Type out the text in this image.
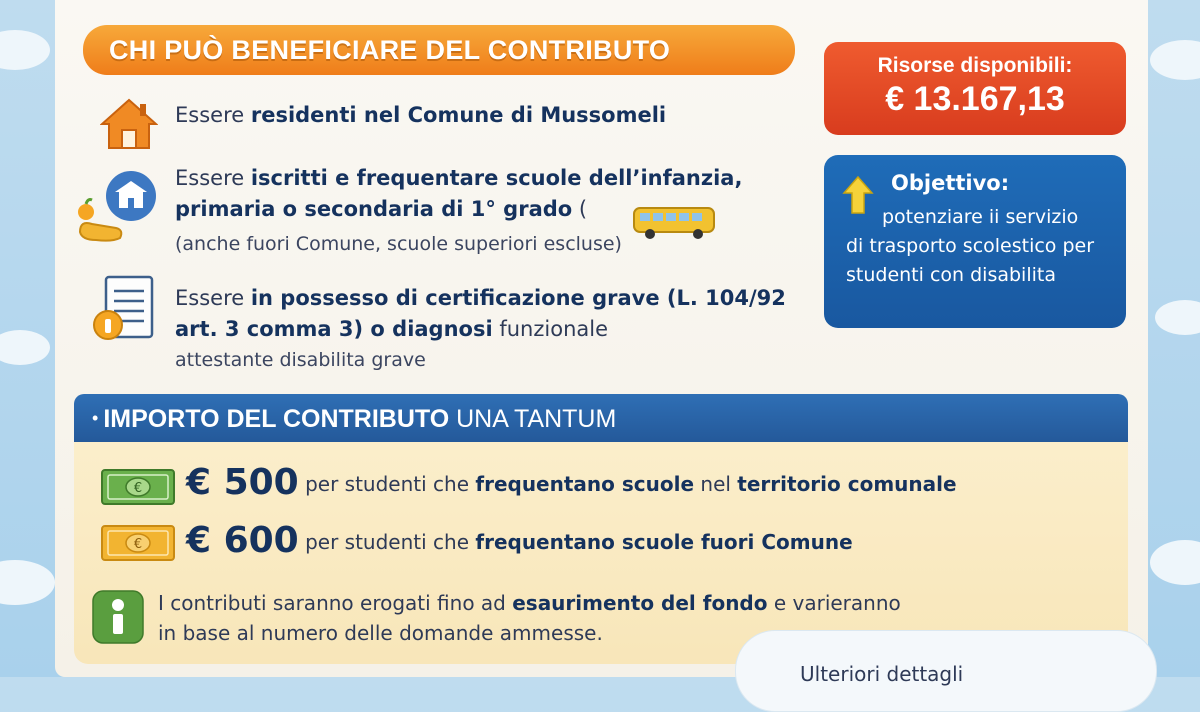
CHI PUÒ BENEFICIARE DEL CONTRIBUTO
Essere residenti nel Comune di Mussomeli
Essere iscritti e frequentare scuole dell’infanzia, primaria o secondaria di 1° grado (
(anche fuori Comune, scuole superiori escluse)
Essere in possesso di certificazione grave (L. 104/92 art. 3 comma 3) o diagnosi funzionale
attestante disabilita grave
Risorse disponibili:
€ 13.167,13
Objettivo:
potenziare ii servizio
di trasporto scolestico per studenti con disabilita
• IMPORTO DEL CONTRIBUTO UNA TANTUM
€ € 500 per studenti che frequentano scuole nel territorio comunale
€ € 600 per studenti che frequentano scuole fuori Comune
I contributi saranno erogati fino ad esaurimento del fondo e varieranno
in base al numero delle domande ammesse.
Ulteriori dettagli
